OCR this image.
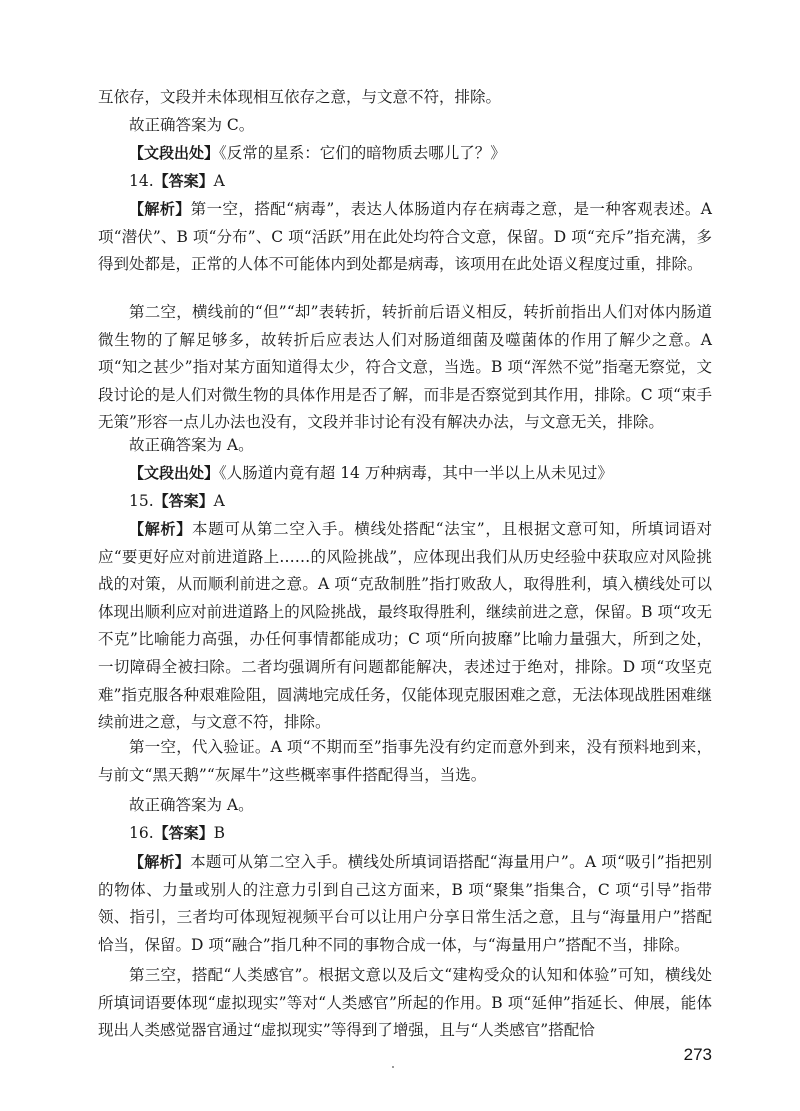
互依存，文段并未体现相互依存之意，与文意不符，排除。

故正确答案为 C。

【文段出处】《反常的星系：它们的暗物质去哪儿了？》

14.【答案】A

【解析】第一空，搭配“病毒”，表达人体肠道内存在病毒之意，是一种客观表述。A 项“潜伏”、B 项“分布”、C 项“活跃”用在此处均符合文意，保留。D 项“充斥”指充满，多得到处都是，正常的人体不可能体内到处都是病毒，该项用在此处语义程度过重，排除。

第二空，横线前的“但”“却”表转折，转折前后语义相反，转折前指出人们对体内肠道微生物的了解足够多，故转折后应表达人们对肠道细菌及噬菌体的作用了解少之意。A 项“知之甚少”指对某方面知道得太少，符合文意，当选。B 项“浑然不觉”指毫无察觉，文段讨论的是人们对微生物的具体作用是否了解，而非是否察觉到其作用，排除。C 项“束手无策”形容一点儿办法也没有，文段并非讨论有没有解决办法，与文意无关，排除。

故正确答案为 A。

【文段出处】《人肠道内竟有超 14 万种病毒，其中一半以上从未见过》

15.【答案】A

【解析】本题可从第二空入手。横线处搭配“法宝”，且根据文意可知，所填词语对应“要更好应对前进道路上……的风险挑战”，应体现出我们从历史经验中获取应对风险挑战的对策，从而顺利前进之意。A 项“克敌制胜”指打败敌人，取得胜利，填入横线处可以体现出顺利应对前进道路上的风险挑战，最终取得胜利，继续前进之意，保留。B 项“攻无不克”比喻能力高强，办任何事情都能成功；C 项“所向披靡”比喻力量强大，所到之处，一切障碍全被扫除。二者均强调所有问题都能解决，表述过于绝对，排除。D 项“攻坚克难”指克服各种艰难险阻，圆满地完成任务，仅能体现克服困难之意，无法体现战胜困难继续前进之意，与文意不符，排除。

第一空，代入验证。A 项“不期而至”指事先没有约定而意外到来，没有预料地到来，与前文“黑天鹅”“灰犀牛”这些概率事件搭配得当，当选。

故正确答案为 A。

16.【答案】B

【解析】本题可从第二空入手。横线处所填词语搭配“海量用户”。A 项“吸引”指把别的物体、力量或别人的注意力引到自己这方面来，B 项“聚集”指集合，C 项“引导”指带领、指引，三者均可体现短视频平台可以让用户分享日常生活之意，且与“海量用户”搭配恰当，保留。D 项“融合”指几种不同的事物合成一体，与“海量用户”搭配不当，排除。

第三空，搭配“人类感官”。根据文意以及后文“建构受众的认知和体验”可知，横线处所填词语要体现“虚拟现实”等对“人类感官”所起的作用。B 项“延伸”指延长、伸展，能体现出人类感觉器官通过“虚拟现实”等得到了增强，且与“人类感官”搭配恰

273
